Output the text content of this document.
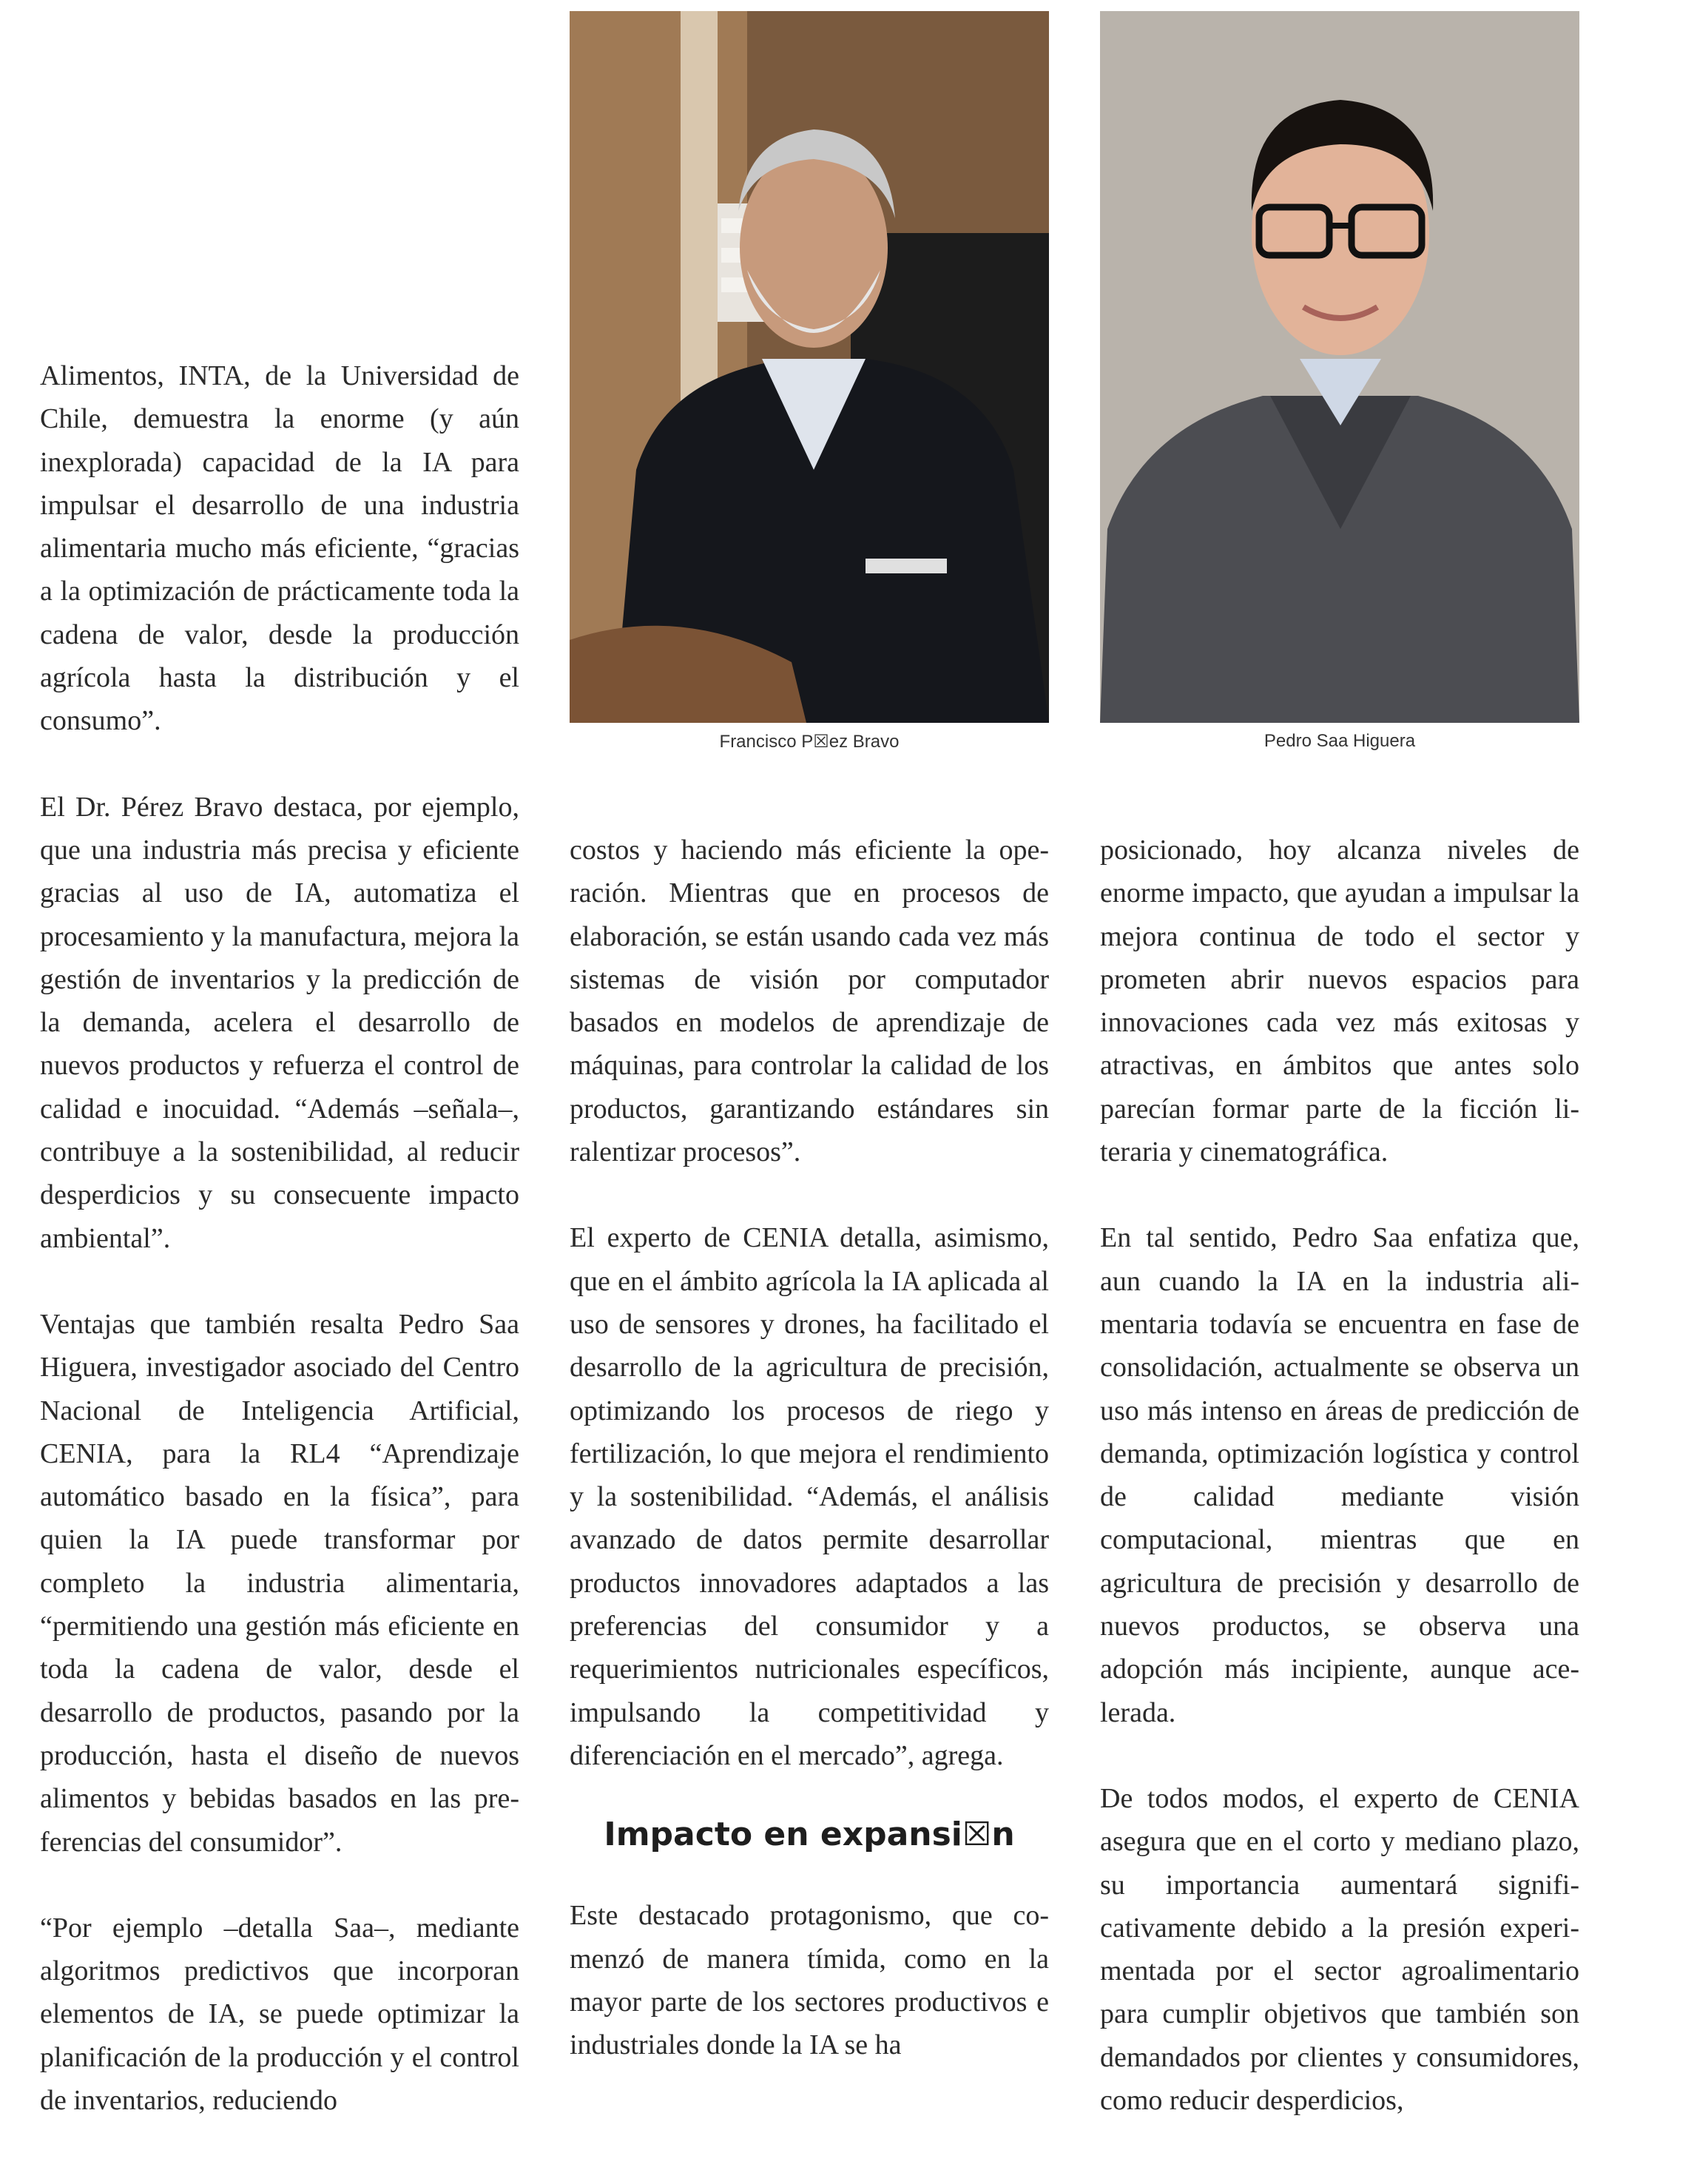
Francisco P☒ez Bravo	Pedro Saa Higuera

Alimentos, INTA, de la Universidad de Chile, demuestra la enorme (y aún inexplorada) capacidad de la IA para impulsar el desarrollo de una industria alimentaria mucho más eficiente, “gracias a la optimización de prácticamente toda la cadena de valor, desde la producción agrícola hasta la distribución y el consumo”.

El Dr. Pérez Bravo destaca, por ejemplo, que una industria más precisa y eficiente gracias al uso de IA, automatiza el procesamiento y la manufactura, mejora la gestión de inventarios y la predicción de la demanda, acelera el desarrollo de nuevos productos y refuerza el control de calidad e inocuidad. “Además –señala–, contribuye a la sostenibilidad, al reducir desperdicios y su consecuente impacto ambiental”.

Ventajas que también resalta Pedro Saa Higuera, investigador asociado del Centro Nacional de Inteligencia Artificial, CENIA, para la RL4 “Aprendizaje automático basado en la física”, para quien la IA puede transformar por completo la industria alimentaria, “permitiendo una gestión más eficiente en toda la cadena de valor, desde el desarrollo de productos, pasando por la producción, hasta el diseño de nuevos alimentos y bebidas basados en las preferencias del consumidor”.

“Por ejemplo –detalla Saa–, mediante algoritmos predictivos que incorporan elementos de IA, se puede optimizar la planificación de la producción y el control de inventarios, reduciendo

costos y haciendo más eficiente la operación. Mientras que en procesos de elaboración, se están usando cada vez más sistemas de visión por computador basados en modelos de aprendizaje de máquinas, para controlar la calidad de los productos, garantizando estándares sin ralentizar procesos”.

El experto de CENIA detalla, asimismo, que en el ámbito agrícola la IA aplicada al uso de sensores y drones, ha facilitado el desarrollo de la agricultura de precisión, optimizando los procesos de riego y fertilización, lo que mejora el rendimiento y la sostenibilidad. “Además, el análisis avanzado de datos permite desarrollar productos innovadores adaptados a las preferencias del consumidor y a requerimientos nutricionales específicos, impulsando la competitividad y diferenciación en el mercado”, agrega.

Impacto en expansi☒n

Este destacado protagonismo, que comenzó de manera tímida, como en la mayor parte de los sectores productivos e industriales donde la IA se ha

posicionado, hoy alcanza niveles de enorme impacto, que ayudan a impulsar la mejora continua de todo el sector y prometen abrir nuevos espacios para innovaciones cada vez más exitosas y atractivas, en ámbitos que antes solo parecían formar parte de la ficción literaria y cinematográfica.

En tal sentido, Pedro Saa enfatiza que, aun cuando la IA en la industria alimentaria todavía se encuentra en fase de consolidación, actualmente se observa un uso más intenso en áreas de predicción de demanda, optimización logística y control de calidad mediante visión computacional, mientras que en agricultura de precisión y desarrollo de nuevos productos, se observa una adopción más incipiente, aunque acelerada.

De todos modos, el experto de CENIA asegura que en el corto y mediano plazo, su importancia aumentará significativamente debido a la presión experimentada por el sector agroalimentario para cumplir objetivos que también son demandados por clientes y consumidores, como reducir desperdicios,
